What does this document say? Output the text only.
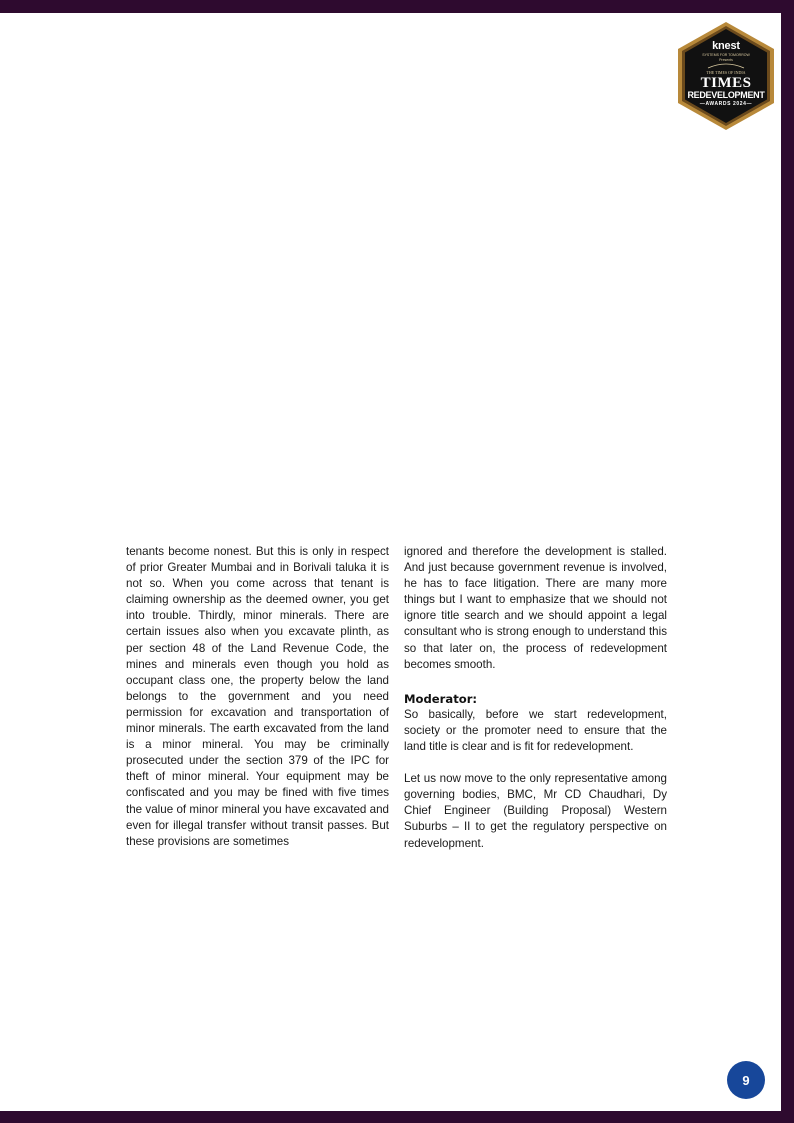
knest
SYSTEMS FOR TOMORROW
Presents
THE TIMES OF INDIA
TIMES
REDEVELOPMENT
—AWARDS 2024—

tenants become nonest. But this is only in respect of prior Greater Mumbai and in Borivali taluka it is not so. When you come across that tenant is claiming ownership as the deemed owner, you get into trouble. Thirdly, minor minerals. There are certain issues also when you excavate plinth, as per section 48 of the Land Revenue Code, the mines and minerals even though you hold as occupant class one, the property below the land belongs to the government and you need permission for excavation and transportation of minor minerals. The earth excavated from the land is a minor mineral. You may be criminally prosecuted under the section 379 of the IPC for theft of minor mineral. Your equipment may be confiscated and you may be fined with five times the value of minor mineral you have excavated and even for illegal transfer without transit passes. But these provisions are sometimes

ignored and therefore the development is stalled. And just because government revenue is involved, he has to face litigation. There are many more things but I want to emphasize that we should not ignore title search and we should appoint a legal consultant who is strong enough to understand this so that later on, the process of redevelopment becomes smooth.

Moderator:

So basically, before we start redevelopment, society or the promoter need to ensure that the land title is clear and is fit for redevelopment.

Let us now move to the only representative among governing bodies, BMC, Mr CD Chaudhari, Dy Chief Engineer (Building Proposal) Western Suburbs – II to get the regulatory perspective on redevelopment.

9
